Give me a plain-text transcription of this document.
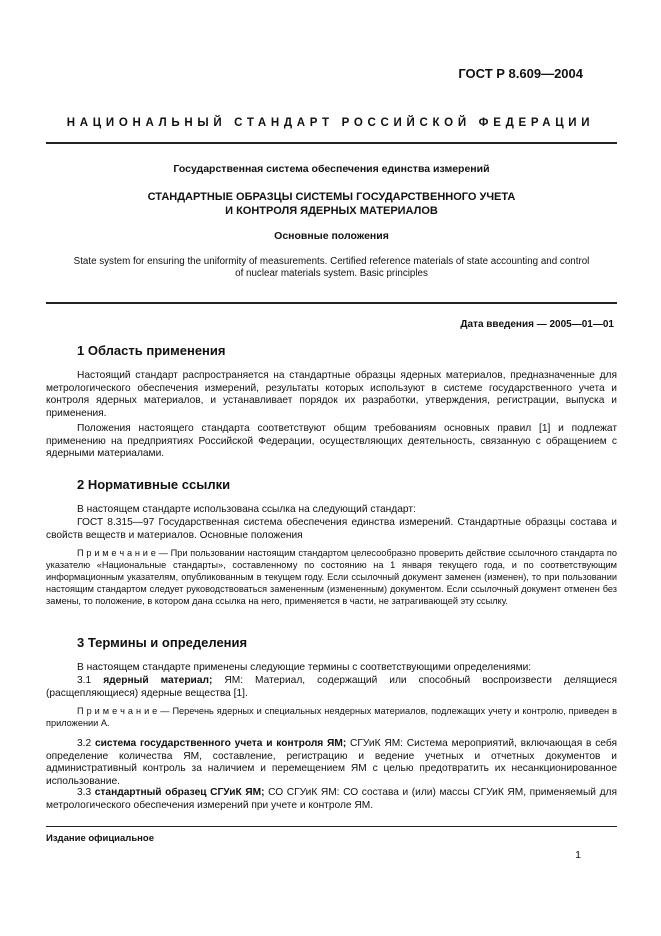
ГОСТ Р 8.609—2004
НАЦИОНАЛЬНЫЙ СТАНДАРТ РОССИЙСКОЙ ФЕДЕРАЦИИ
Государственная система обеспечения единства измерений
СТАНДАРТНЫЕ ОБРАЗЦЫ СИСТЕМЫ ГОСУДАРСТВЕННОГО УЧЕТА
И КОНТРОЛЯ ЯДЕРНЫХ МАТЕРИАЛОВ
Основные положения
State system for ensuring the uniformity of measurements. Certified reference materials of state accounting and control
of nuclear materials system. Basic principles
Дата введения — 2005—01—01
1 Область применения
Настоящий стандарт распространяется на стандартные образцы ядерных материалов, предназначенные для метрологического обеспечения измерений, результаты которых используют в системе государственного учета и контроля ядерных материалов, и устанавливает порядок их разработки, утверждения, регистрации, выпуска и применения.
Положения настоящего стандарта соответствуют общим требованиям основных правил [1] и подлежат применению на предприятиях Российской Федерации, осуществляющих деятельность, связанную с обращением с ядерными материалами.
2 Нормативные ссылки
В настоящем стандарте использована ссылка на следующий стандарт:
ГОСТ 8.315—97 Государственная система обеспечения единства измерений. Стандартные образцы состава и свойств веществ и материалов. Основные положения
П р и м е ч а н и е — При пользовании настоящим стандартом целесообразно проверить действие ссылочного стандарта по указателю «Национальные стандарты», составленному по состоянию на 1 января текущего года, и по соответствующим информационным указателям, опубликованным в текущем году. Если ссылочный документ заменен (изменен), то при пользовании настоящим стандартом следует руководствоваться замененным (измененным) документом. Если ссылочный документ отменен без замены, то положение, в котором дана ссылка на него, применяется в части, не затрагивающей эту ссылку.
3 Термины и определения
В настоящем стандарте применены следующие термины с соответствующими определениями:
3.1 ядерный материал; ЯМ: Материал, содержащий или способный воспроизвести делящиеся (расщепляющиеся) ядерные вещества [1].
П р и м е ч а н и е — Перечень ядерных и специальных неядерных материалов, подлежащих учету и контролю, приведен в приложении А.
3.2 система государственного учета и контроля ЯМ; СГУиК ЯМ: Система мероприятий, включающая в себя определение количества ЯМ, составление, регистрацию и ведение учетных и отчетных документов и административный контроль за наличием и перемещением ЯМ с целью предотвратить их несанкционированное использование.
3.3 стандартный образец СГУиК ЯМ; СО СГУиК ЯМ: СО состава и (или) массы СГУиК ЯМ, применяемый для метрологического обеспечения измерений при учете и контроле ЯМ.
Издание официальное
1
